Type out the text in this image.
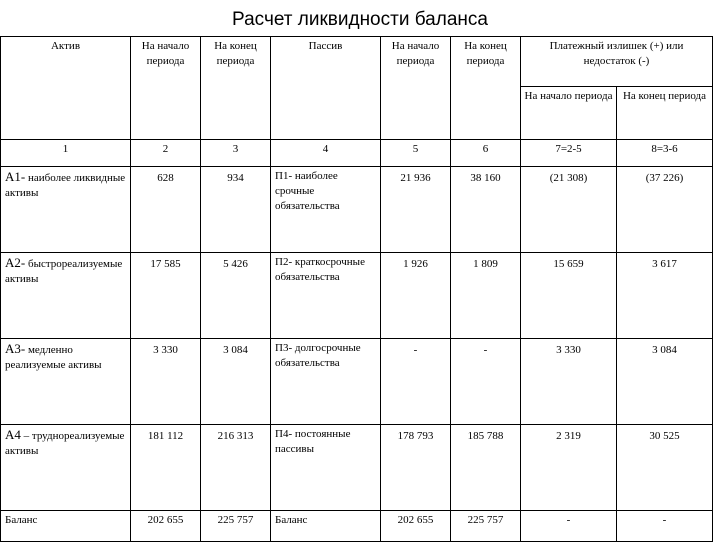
Расчет ликвидности баланса
Актив	На начало периода	На конец периода	Пассив	На начало периода	На конец периода	Платежный излишек (+) или недостаток (-)	
						На начало периода	На конец периода
1	2	3	4	5	6	7=2-5	8=3-6
А1- наиболее ликвидные активы	628	934	П1- наиболее срочные обязательства	21 936	38 160	(21 308)	(37 226)
А2- быстрореализуемые активы	17 585	5 426	П2- краткосрочные обязательства	1 926	1 809	15 659	3 617
А3- медленно реализуемые активы	3 330	3 084	П3- долгосрочные обязательства	-	-	3 330	3 084
А4 – труднореализуемые активы	181 112	216 313	П4- постоянные пассивы	178 793	185 788	2 319	30 525
Баланс	202 655	225 757	Баланс	202 655	225 757	-	-
